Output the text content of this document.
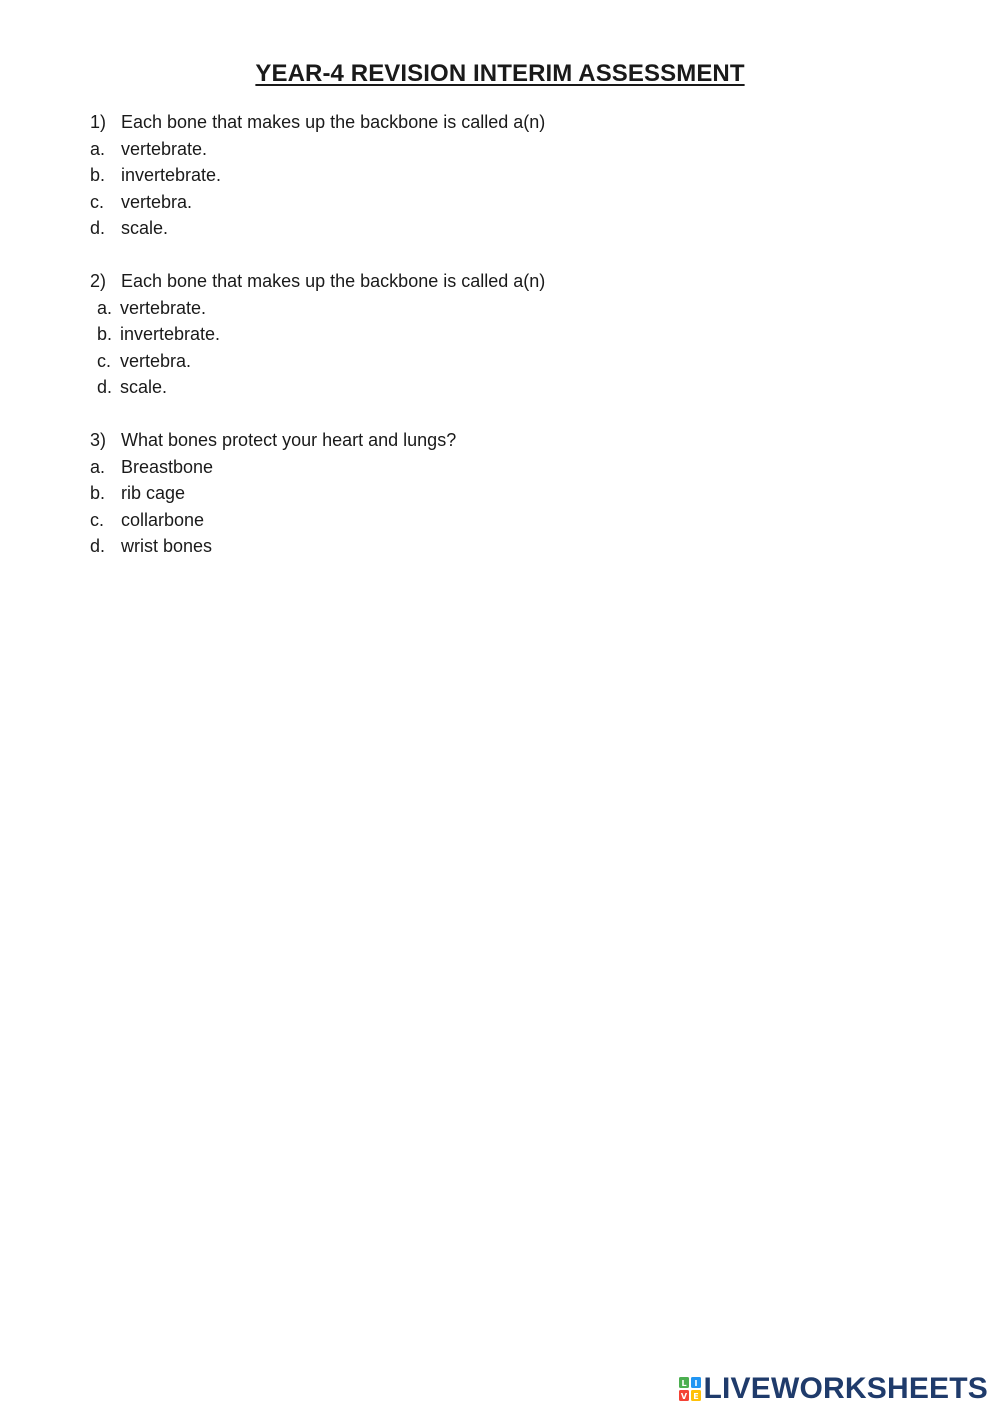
YEAR-4 REVISION INTERIM ASSESSMENT
1) Each bone that makes up the backbone is called a(n)
a. vertebrate.
b. invertebrate.
c. vertebra.
d. scale.
2) Each bone that makes up the backbone is called a(n)
a. vertebrate.
b. invertebrate.
c. vertebra.
d. scale.
3) What bones protect your heart and lungs?
a. Breastbone
b. rib cage
c. collarbone
d. wrist bones
L I
V E LIVEWORKSHEETS
